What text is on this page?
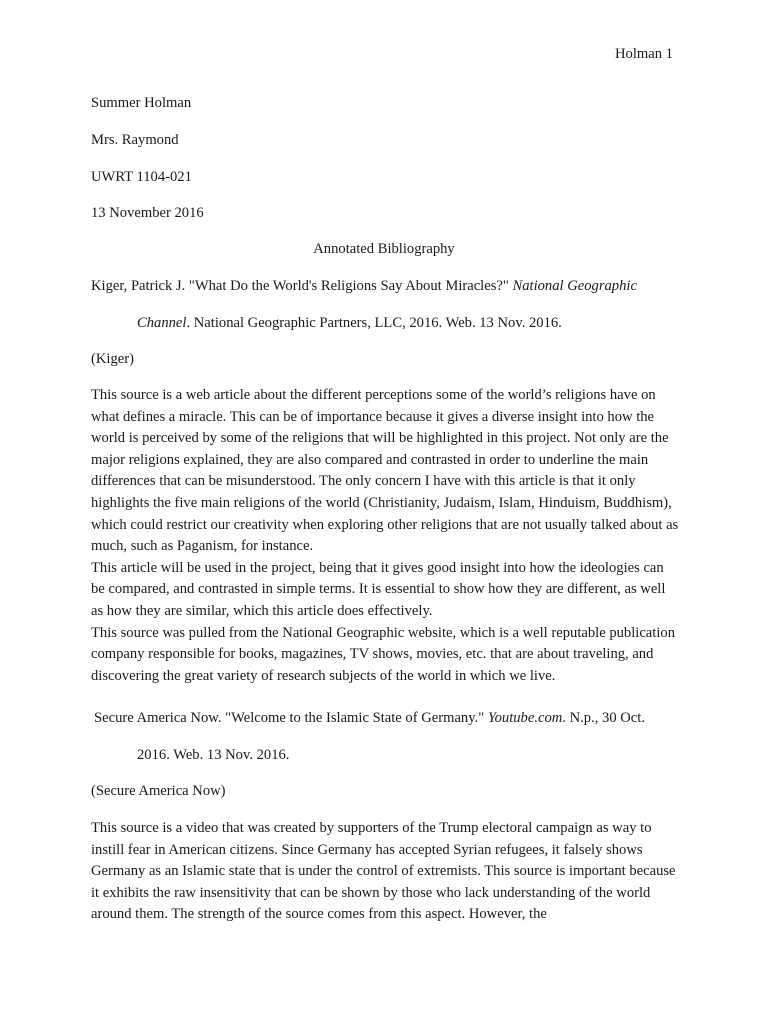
Holman 1
Summer Holman
Mrs. Raymond
UWRT 1104-021
13 November 2016
Annotated Bibliography
Kiger, Patrick J. "What Do the World's Religions Say About Miracles?" National Geographic
Channel. National Geographic Partners, LLC, 2016. Web. 13 Nov. 2016.
(Kiger)

This source is a web article about the different perceptions some of the world’s religions have on what defines a miracle. This can be of importance because it gives a diverse insight into how the world is perceived by some of the religions that will be highlighted in this project. Not only are the major religions explained, they are also compared and contrasted in order to underline the main differences that can be misunderstood. The only concern I have with this article is that it only highlights the five main religions of the world (Christianity, Judaism, Islam, Hinduism, Buddhism), which could restrict our creativity when exploring other religions that are not usually talked about as much, such as Paganism, for instance.

This article will be used in the project, being that it gives good insight into how the ideologies can be compared, and contrasted in simple terms. It is essential to show how they are different, as well as how they are similar, which this article does effectively.

This source was pulled from the National Geographic website, which is a well reputable publication company responsible for books, magazines, TV shows, movies, etc. that are about traveling, and discovering the great variety of research subjects of the world in which we live.

Secure America Now. "Welcome to the Islamic State of Germany." Youtube.com. N.p., 30 Oct.
2016. Web. 13 Nov. 2016.
(Secure America Now)

This source is a video that was created by supporters of the Trump electoral campaign as way to instill fear in American citizens. Since Germany has accepted Syrian refugees, it falsely shows Germany as an Islamic state that is under the control of extremists. This source is important because it exhibits the raw insensitivity that can be shown by those who lack understanding of the world around them. The strength of the source comes from this aspect. However, the
